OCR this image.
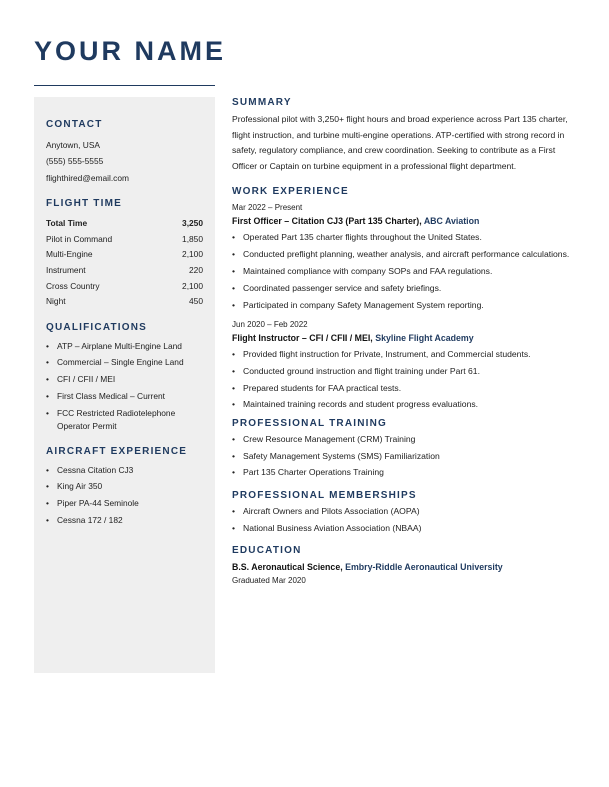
YOUR NAME
CONTACT
Anytown, USA
(555) 555-5555
flighthired@email.com
FLIGHT TIME
Total Time	3,250
Pilot in Command	1,850
Multi-Engine	2,100
Instrument	220
Cross Country	2,100
Night	450
QUALIFICATIONS
• ATP – Airplane Multi-Engine Land
• Commercial – Single Engine Land
• CFI / CFII / MEI
• First Class Medical – Current
• FCC Restricted Radiotelephone Operator Permit
AIRCRAFT EXPERIENCE
• Cessna Citation CJ3
• King Air 350
• Piper PA-44 Seminole
• Cessna 172 / 182
SUMMARY

Professional pilot with 3,250+ flight hours and broad experience across Part 135 charter, flight instruction, and turbine multi-engine operations. ATP-certified with strong record in safety, regulatory compliance, and crew coordination. Seeking to contribute as a First Officer or Captain on turbine equipment in a professional flight department.

WORK EXPERIENCE
Mar 2022 – Present
First Officer – Citation CJ3 (Part 135 Charter), ABC Aviation
• Operated Part 135 charter flights throughout the United States.
• Conducted preflight planning, weather analysis, and aircraft performance calculations.
• Maintained compliance with company SOPs and FAA regulations.
• Coordinated passenger service and safety briefings.
• Participated in company Safety Management System reporting.
Jun 2020 – Feb 2022
Flight Instructor – CFI / CFII / MEI, Skyline Flight Academy
• Provided flight instruction for Private, Instrument, and Commercial students.
• Conducted ground instruction and flight training under Part 61.
• Prepared students for FAA practical tests.
• Maintained training records and student progress evaluations.
PROFESSIONAL TRAINING
• Crew Resource Management (CRM) Training
• Safety Management Systems (SMS) Familiarization
• Part 135 Charter Operations Training
PROFESSIONAL MEMBERSHIPS
• Aircraft Owners and Pilots Association (AOPA)
• National Business Aviation Association (NBAA)
EDUCATION
B.S. Aeronautical Science, Embry-Riddle Aeronautical University
Graduated Mar 2020
